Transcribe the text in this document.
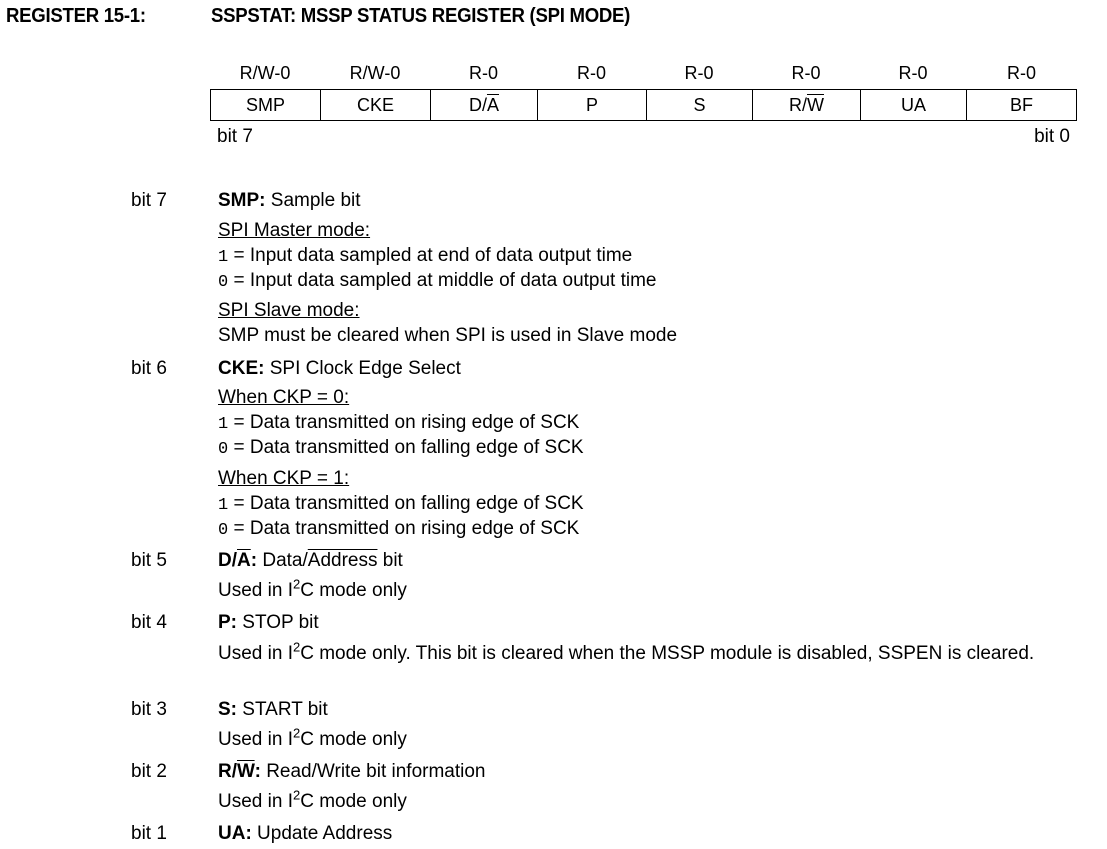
REGISTER 15-1:	SSPSTAT: MSSP STATUS REGISTER (SPI MODE)
R/W-0	R/W-0	R-0	R-0	R-0	R-0	R-0	R-0
SMP	CKE	$D/\overline{A}$	P	S	$R/\overline{W}$	UA	BF
bit 7	bit 0
bit 7	SMP: Sample bit
SPI Master mode:
1 = Input data sampled at end of data output time
0 = Input data sampled at middle of data output time
SPI Slave mode:
SMP must be cleared when SPI is used in Slave mode
bit 6	CKE: SPI Clock Edge Select
When CKP = 0:
1 = Data transmitted on rising edge of SCK
0 = Data transmitted on falling edge of SCK
When CKP = 1:
1 = Data transmitted on falling edge of SCK
0 = Data transmitted on rising edge of SCK
bit 5	$D/\overline{A}$: Data/Address bit
Used in $I^2C$ mode only
bit 4	P: STOP bit
Used in $I^2C$ mode only. This bit is cleared when the MSSP module is disabled, SSPEN is cleared.
bit 3	S: START bit
Used in $I^2C$ mode only
bit 2	$R/\overline{W}$: Read/Write bit information
Used in $I^2C$ mode only
bit 1	UA: Update Address
